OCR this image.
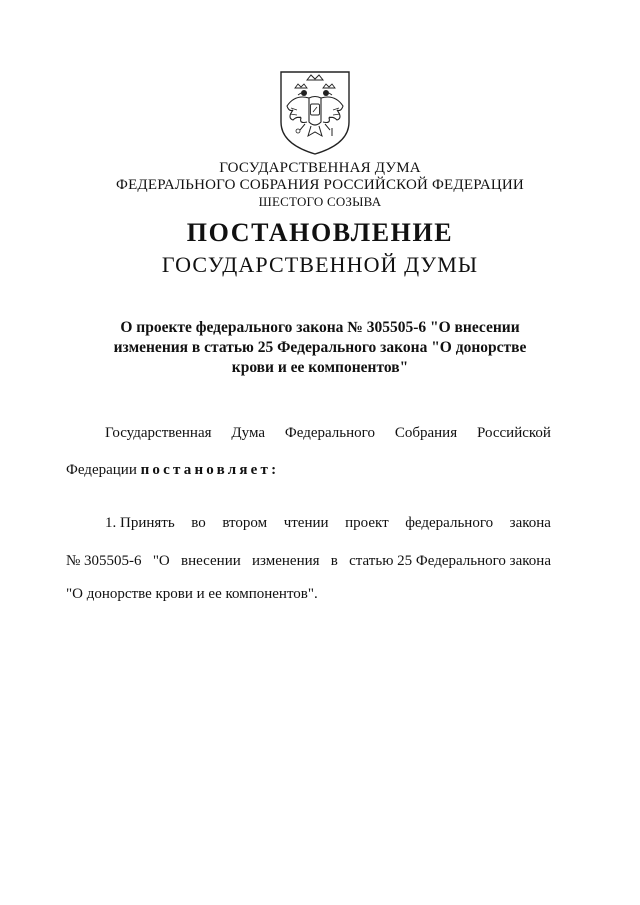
ГОСУДАРСТВЕННАЯ ДУМА
ФЕДЕРАЛЬНОГО СОБРАНИЯ РОССИЙСКОЙ ФЕДЕРАЦИИ
ШЕСТОГО СОЗЫВА
ПОСТАНОВЛЕНИЕ
ГОСУДАРСТВЕННОЙ ДУМЫ
О проекте федерального закона № 305505-6 "О внесении
изменения в статью 25 Федерального закона "О донорстве
крови и ее компонентов"
Государственная Дума Федерального Собрания Российской
Федерации постановляет:
1. Принять во втором чтении проект федерального закона
№ 305505-6 "О внесении изменения в статью 25 Федерального закона
"О донорстве крови и ее компонентов".
